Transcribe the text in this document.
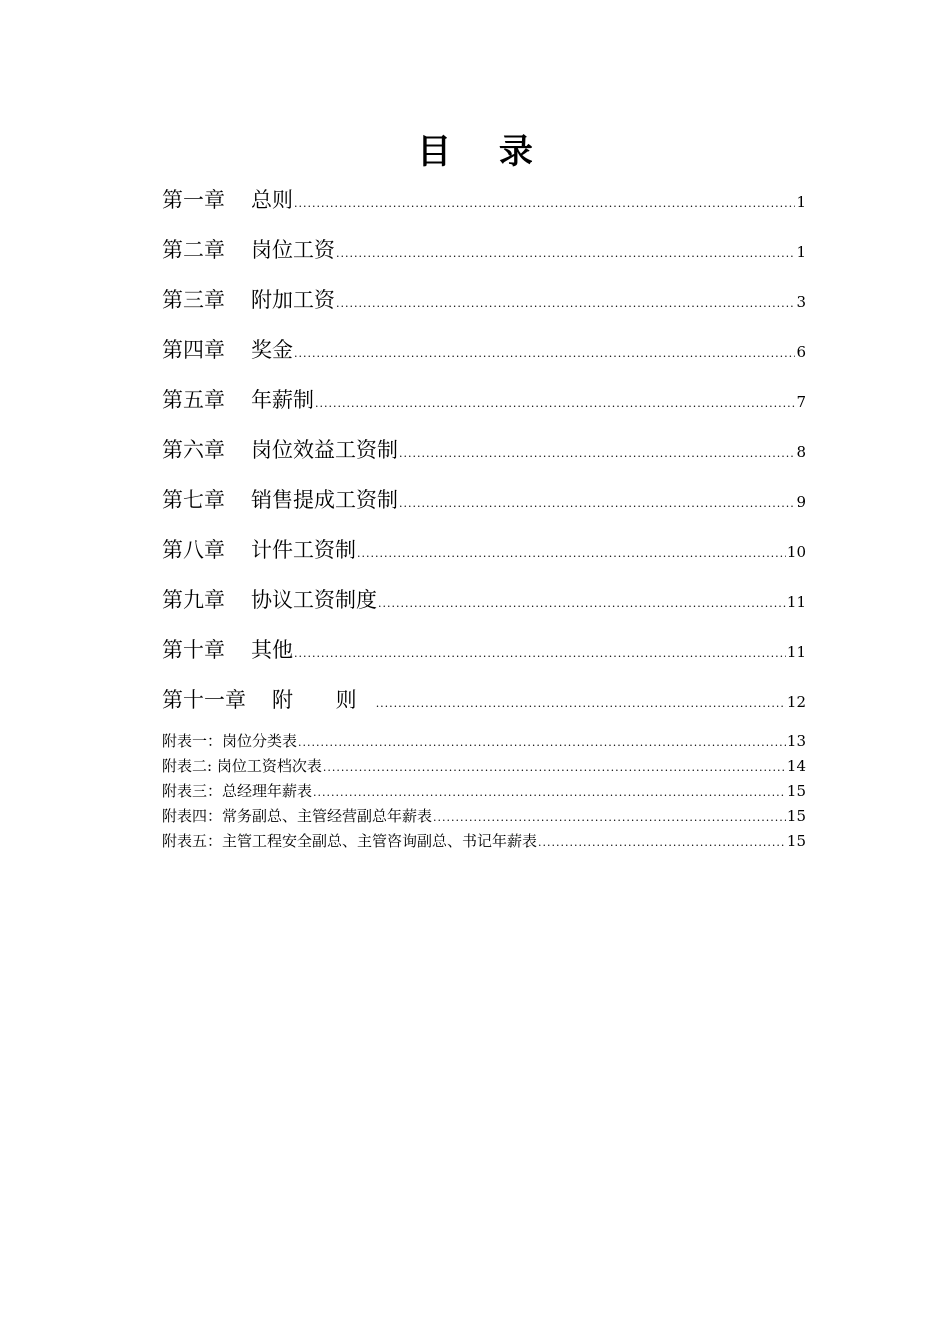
目 录
第一章	总则 .....	1
第二章	岗位工资 .....	1
第三章	附加工资 .....	3
第四章	奖金 .....	6
第五章	年薪制 .....	7
第六章	岗位效益工资制 .....	8
第七章	销售提成工资制 .....	9
第八章	计件工资制 .....	10
第九章	协议工资制度 .....	11
第十章	其他 .....	11
第十一章	附 则 .....	12
附表一：岗位分类表 .....	13
附表二: 岗位工资档次表 .....	14
附表三：总经理年薪表 .....	15
附表四：常务副总、主管经营副总年薪表 .....	15
附表五：主管工程安全副总、主管咨询副总、书记年薪表 .....	15
